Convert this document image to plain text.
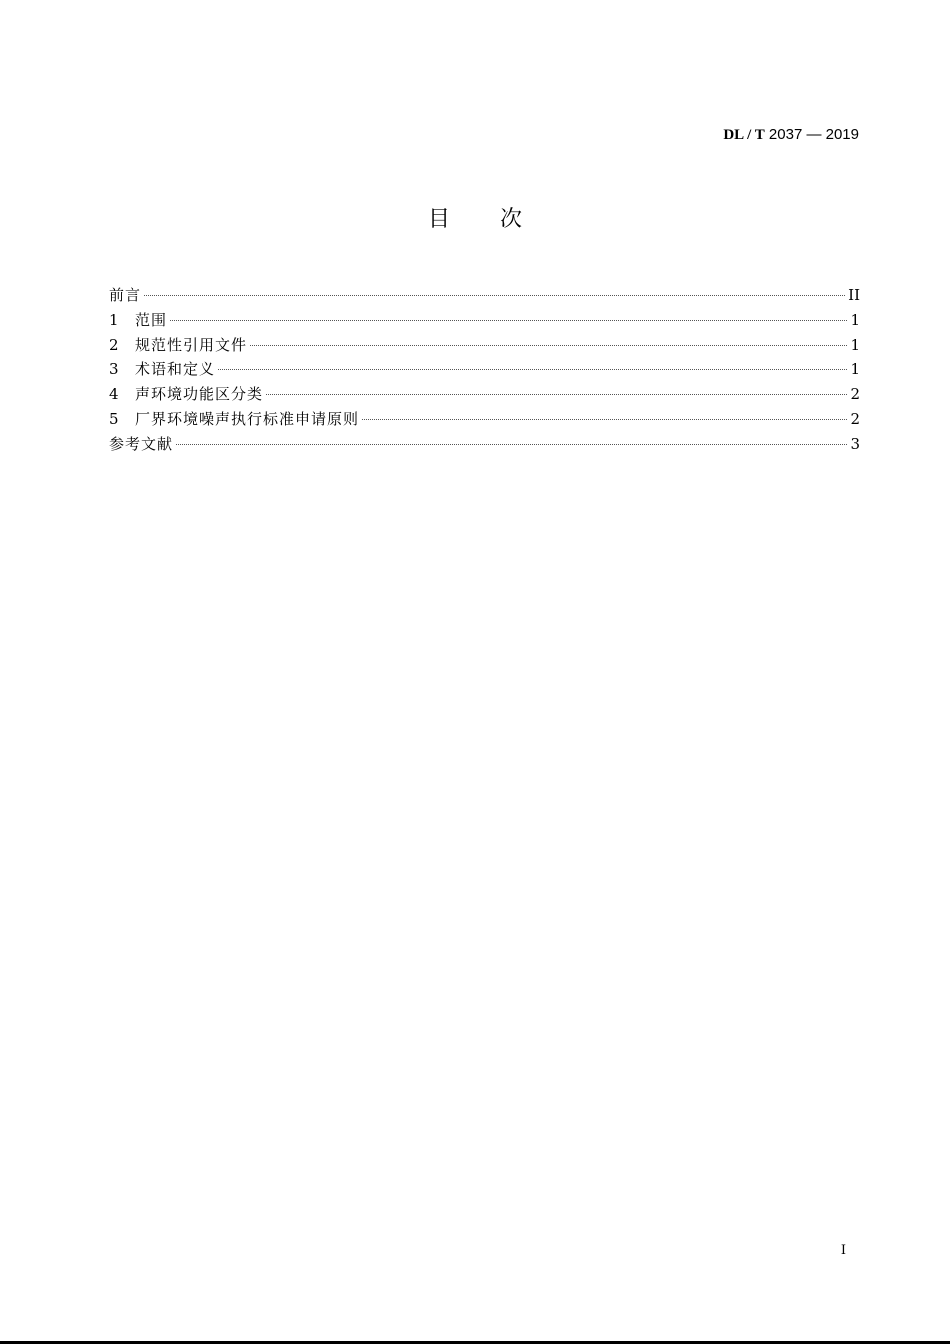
DL / T 2037 — 2019
目次
前言	II
1	范围	1
2	规范性引用文件	1
3	术语和定义	1
4	声环境功能区分类	2
5	厂界环境噪声执行标准申请原则	2
参考文献	3
I
